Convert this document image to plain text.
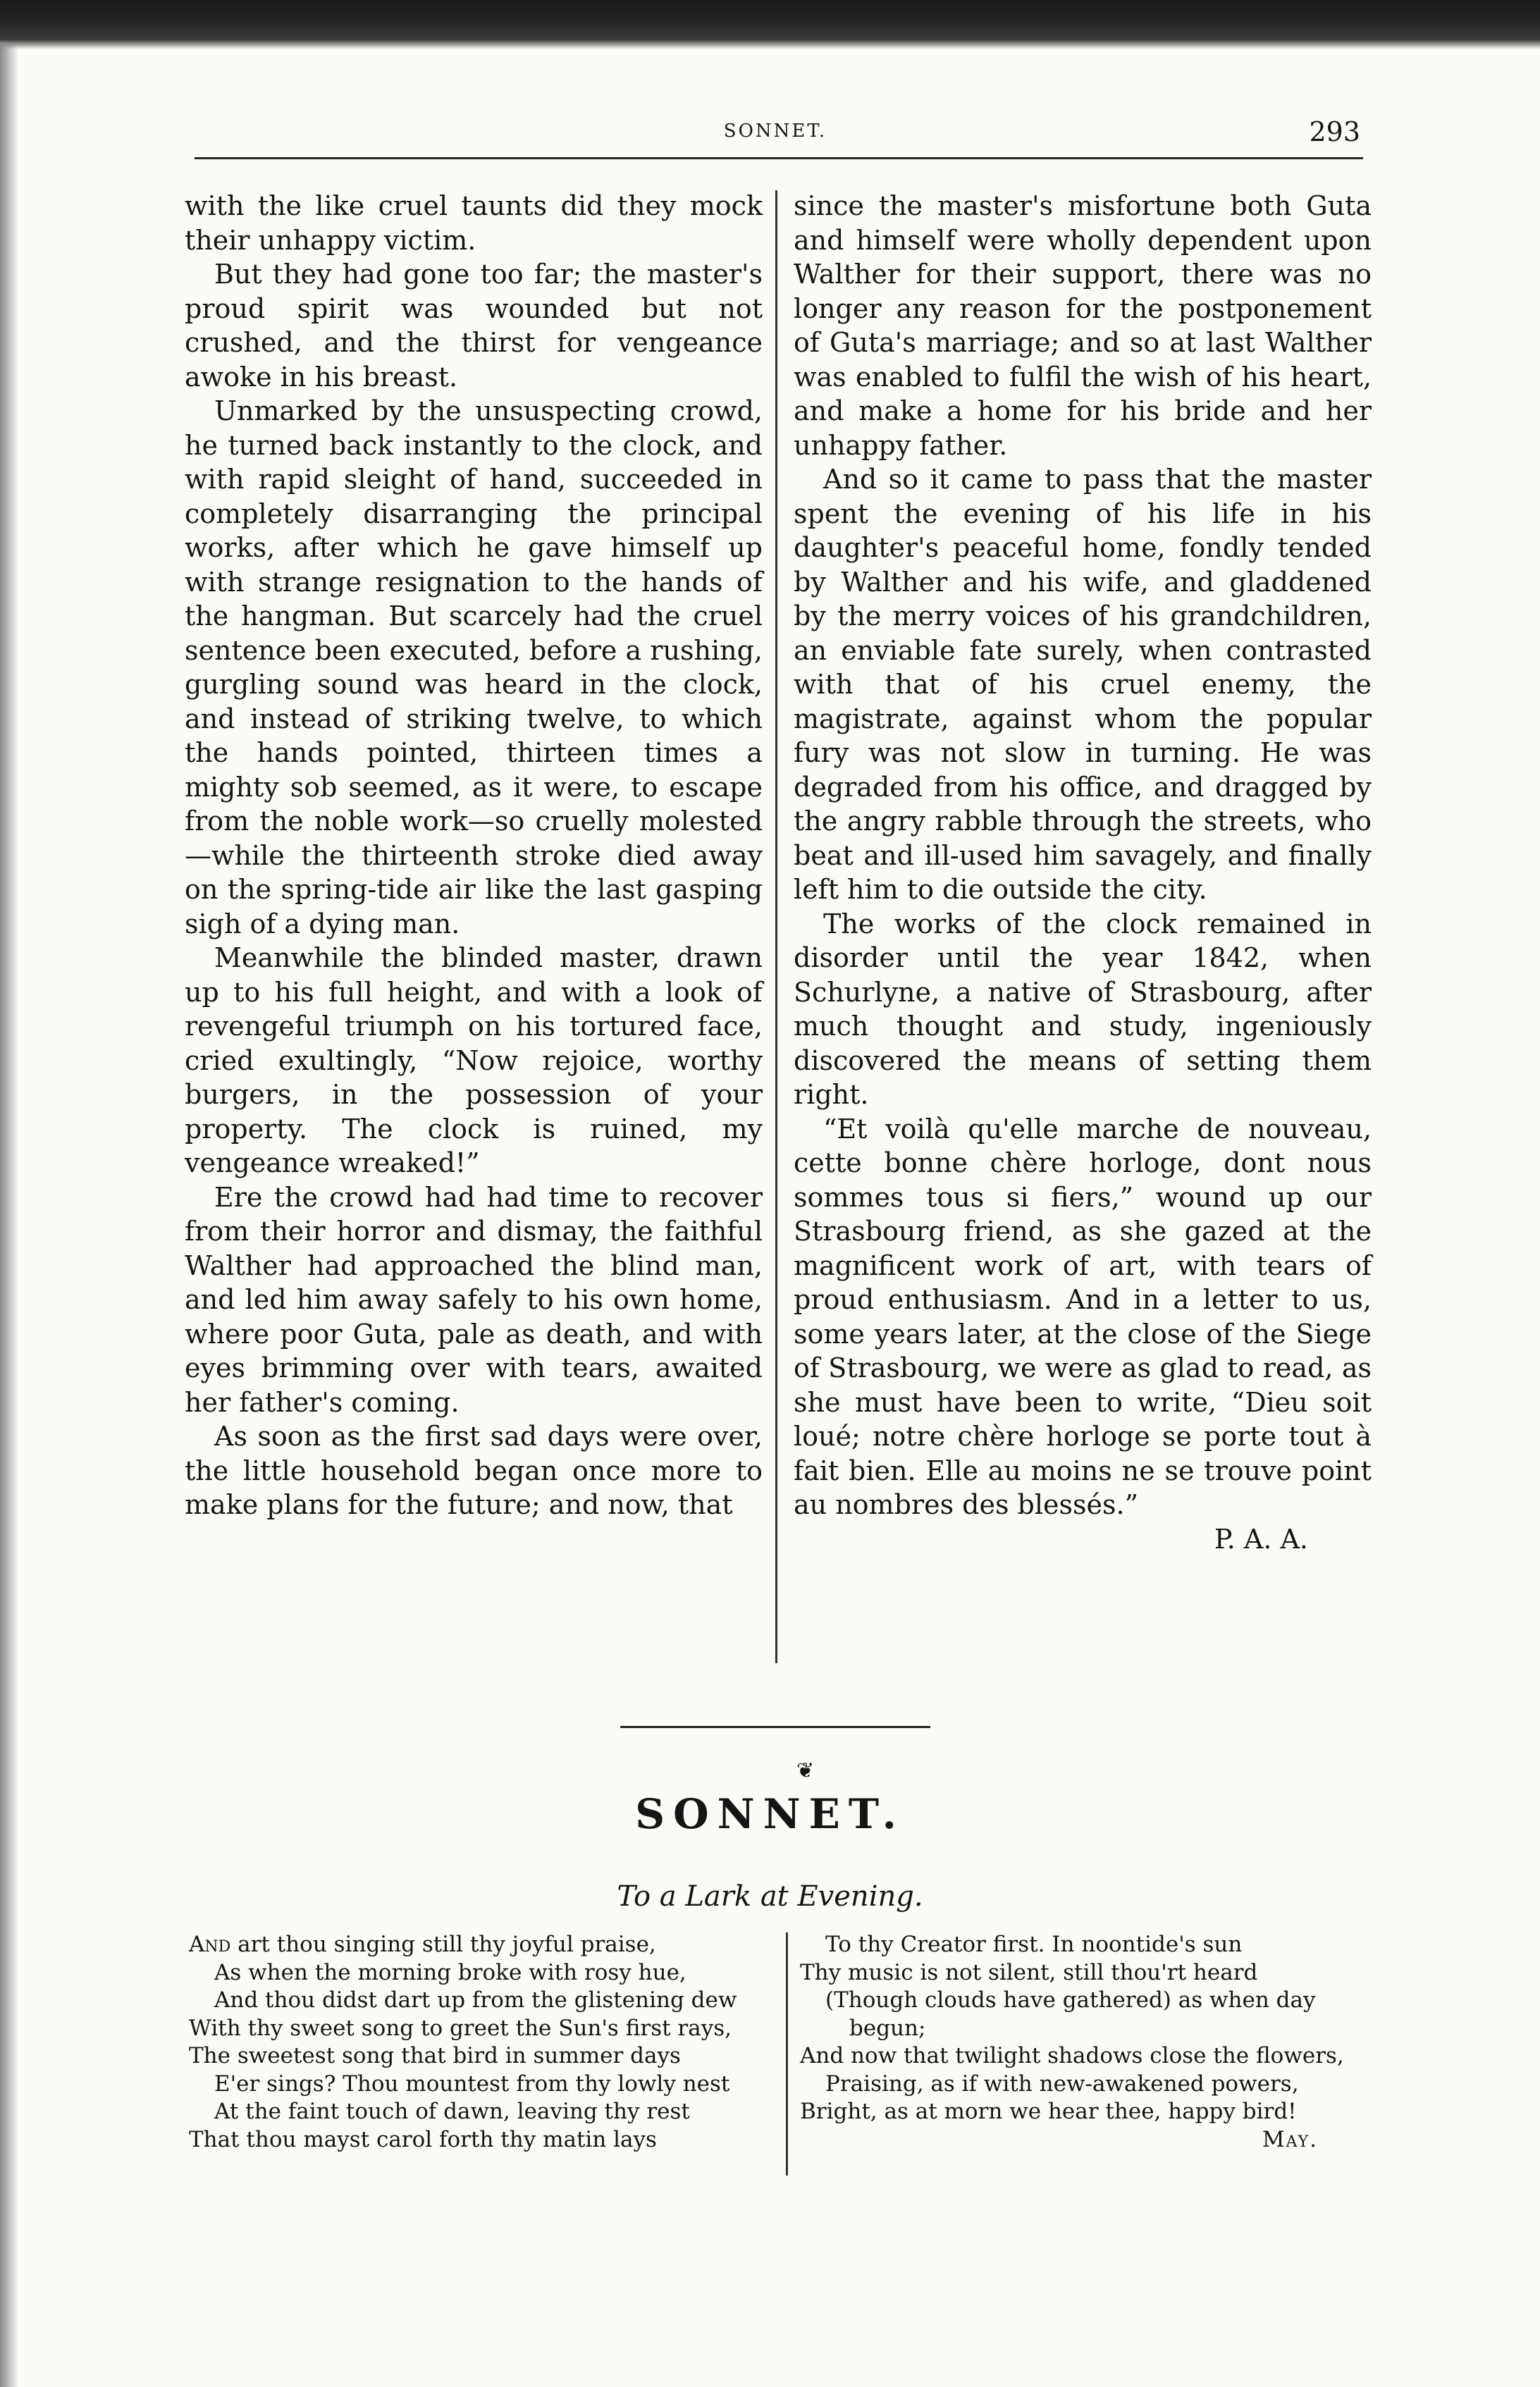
SONNET.	293

with the like cruel taunts did they mock their unhappy victim.

But they had gone too far; the master's proud spirit was wounded but not crushed, and the thirst for vengeance awoke in his breast.

Unmarked by the unsuspecting crowd, he turned back instantly to the clock, and with rapid sleight of hand, succeeded in completely disarranging the principal works, after which he gave himself up with strange resignation to the hands of the hangman. But scarcely had the cruel sentence been executed, before a rushing, gurgling sound was heard in the clock, and instead of striking twelve, to which the hands pointed, thirteen times a mighty sob seemed, as it were, to escape from the noble work—so cruelly molested—while the thirteenth stroke died away on the spring-tide air like the last gasping sigh of a dying man.

Meanwhile the blinded master, drawn up to his full height, and with a look of revengeful triumph on his tortured face, cried exultingly, “Now rejoice, worthy burgers, in the possession of your property. The clock is ruined, my vengeance wreaked!”

Ere the crowd had had time to recover from their horror and dismay, the faithful Walther had approached the blind man, and led him away safely to his own home, where poor Guta, pale as death, and with eyes brimming over with tears, awaited her father's coming.

As soon as the first sad days were over, the little household began once more to make plans for the future; and now, that

since the master's misfortune both Guta and himself were wholly dependent upon Walther for their support, there was no longer any reason for the postponement of Guta's marriage; and so at last Walther was enabled to fulfil the wish of his heart, and make a home for his bride and her unhappy father.

And so it came to pass that the master spent the evening of his life in his daughter's peaceful home, fondly tended by Walther and his wife, and gladdened by the merry voices of his grandchildren, an enviable fate surely, when contrasted with that of his cruel enemy, the magistrate, against whom the popular fury was not slow in turning. He was degraded from his office, and dragged by the angry rabble through the streets, who beat and ill-used him savagely, and finally left him to die outside the city.

The works of the clock remained in disorder until the year 1842, when Schurlyne, a native of Strasbourg, after much thought and study, ingeniously discovered the means of setting them right.

“Et voilà qu'elle marche de nouveau, cette bonne chère horloge, dont nous sommes tous si fiers,” wound up our Strasbourg friend, as she gazed at the magnificent work of art, with tears of proud enthusiasm. And in a letter to us, some years later, at the close of the Siege of Strasbourg, we were as glad to read, as she must have been to write, “Dieu soit loué; notre chère horloge se porte tout à fait bien. Elle au moins ne se trouve point au nombres des blessés.”

P. A. A.
❦
SONNET.
To a Lark at Evening.
And art thou singing still thy joyful praise,
As when the morning broke with rosy hue,
And thou didst dart up from the glistening dew
With thy sweet song to greet the Sun's first rays,
The sweetest song that bird in summer days
E'er sings? Thou mountest from thy lowly nest
At the faint touch of dawn, leaving thy rest
That thou mayst carol forth thy matin lays
To thy Creator first. In noontide's sun
Thy music is not silent, still thou'rt heard
(Though clouds have gathered) as when day
begun;
And now that twilight shadows close the flowers,
Praising, as if with new-awakened powers,
Bright, as at morn we hear thee, happy bird!
May.
